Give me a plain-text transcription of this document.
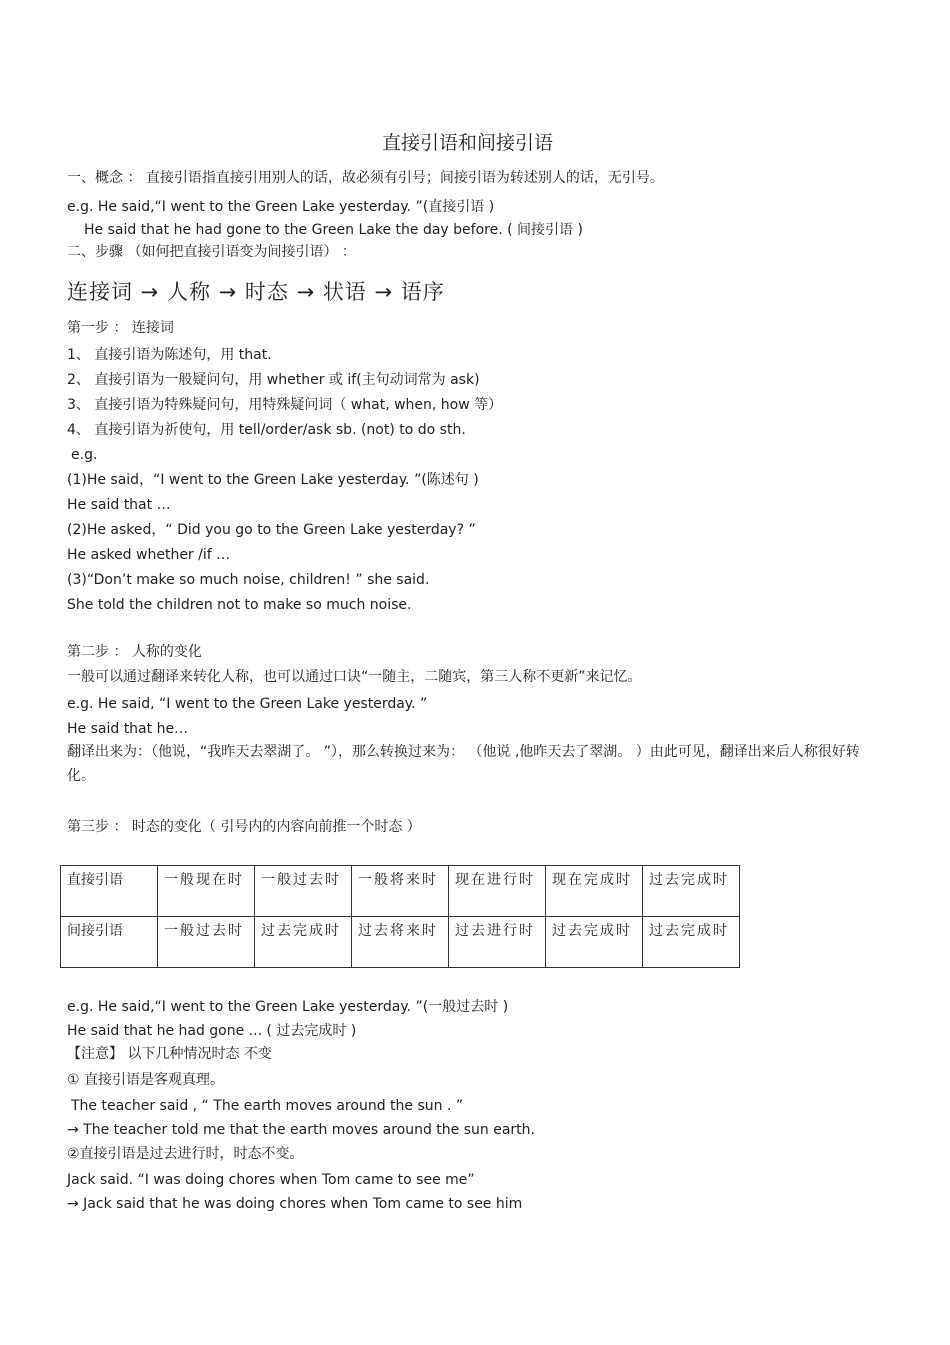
直接引语和间接引语
一、概念 ： 直接引语指直接引用别人的话，故必须有引号；间接引语为转述别人的话，无引号。
e.g. He said,“I went to the Green Lake yesterday. ”(直接引语 )
He said that he had gone to the Green Lake the day before. ( 间接引语 )
二、步骤 （如何把直接引语变为间接引语） ：
连接词 → 人称 → 时态 → 状语 → 语序
第一步 ： 连接词
1、 直接引语为陈述句，用 that.
2、 直接引语为一般疑问句，用 whether 或 if(主句动词常为 ask)
3、 直接引语为特殊疑问句，用特殊疑问词（ what, when, how 等）
4、 直接引语为祈使句，用 tell/order/ask sb. (not) to do sth.
e.g.
(1)He said，“I went to the Green Lake yesterday. ”(陈述句 )
He said that …
(2)He asked，“ Did you go to the Green Lake yesterday? ”
He asked whether /if …
(3)“Don’t make so much noise, children! ” she said.
She told the children not to make so much noise.
第二步 ： 人称的变化
一般可以通过翻译来转化人称，也可以通过口诀“一随主，二随宾，第三人称不更新”来记忆。
e.g. He said, “I went to the Green Lake yesterday. ”
He said that he…
翻译出来为：（他说，“我昨天去翠湖了。 ”），那么转换过来为： （他说 ,他昨天去了翠湖。 ）由此可见，翻译出来后人称很好转化。
第三步 ： 时态的变化（ 引号内的内容向前推一个时态 ）
直接引语	一般现在时	一般过去时	一般将来时	现在进行时	现在完成时	过去完成时
间接引语	一般过去时	过去完成时	过去将来时	过去进行时	过去完成时	过去完成时
e.g. He said,“I went to the Green Lake yesterday. ”(一般过去时 )
He said that he had gone ... ( 过去完成时 )
【注意】 以下几种情况时态 不变
① 直接引语是客观真理。
The teacher said , “ The earth moves around the sun . ”
→ The teacher told me that the earth moves around the sun earth.
②直接引语是过去进行时，时态不变。
Jack said. “I was doing chores when Tom came to see me”
→ Jack said that he was doing chores when Tom came to see him
